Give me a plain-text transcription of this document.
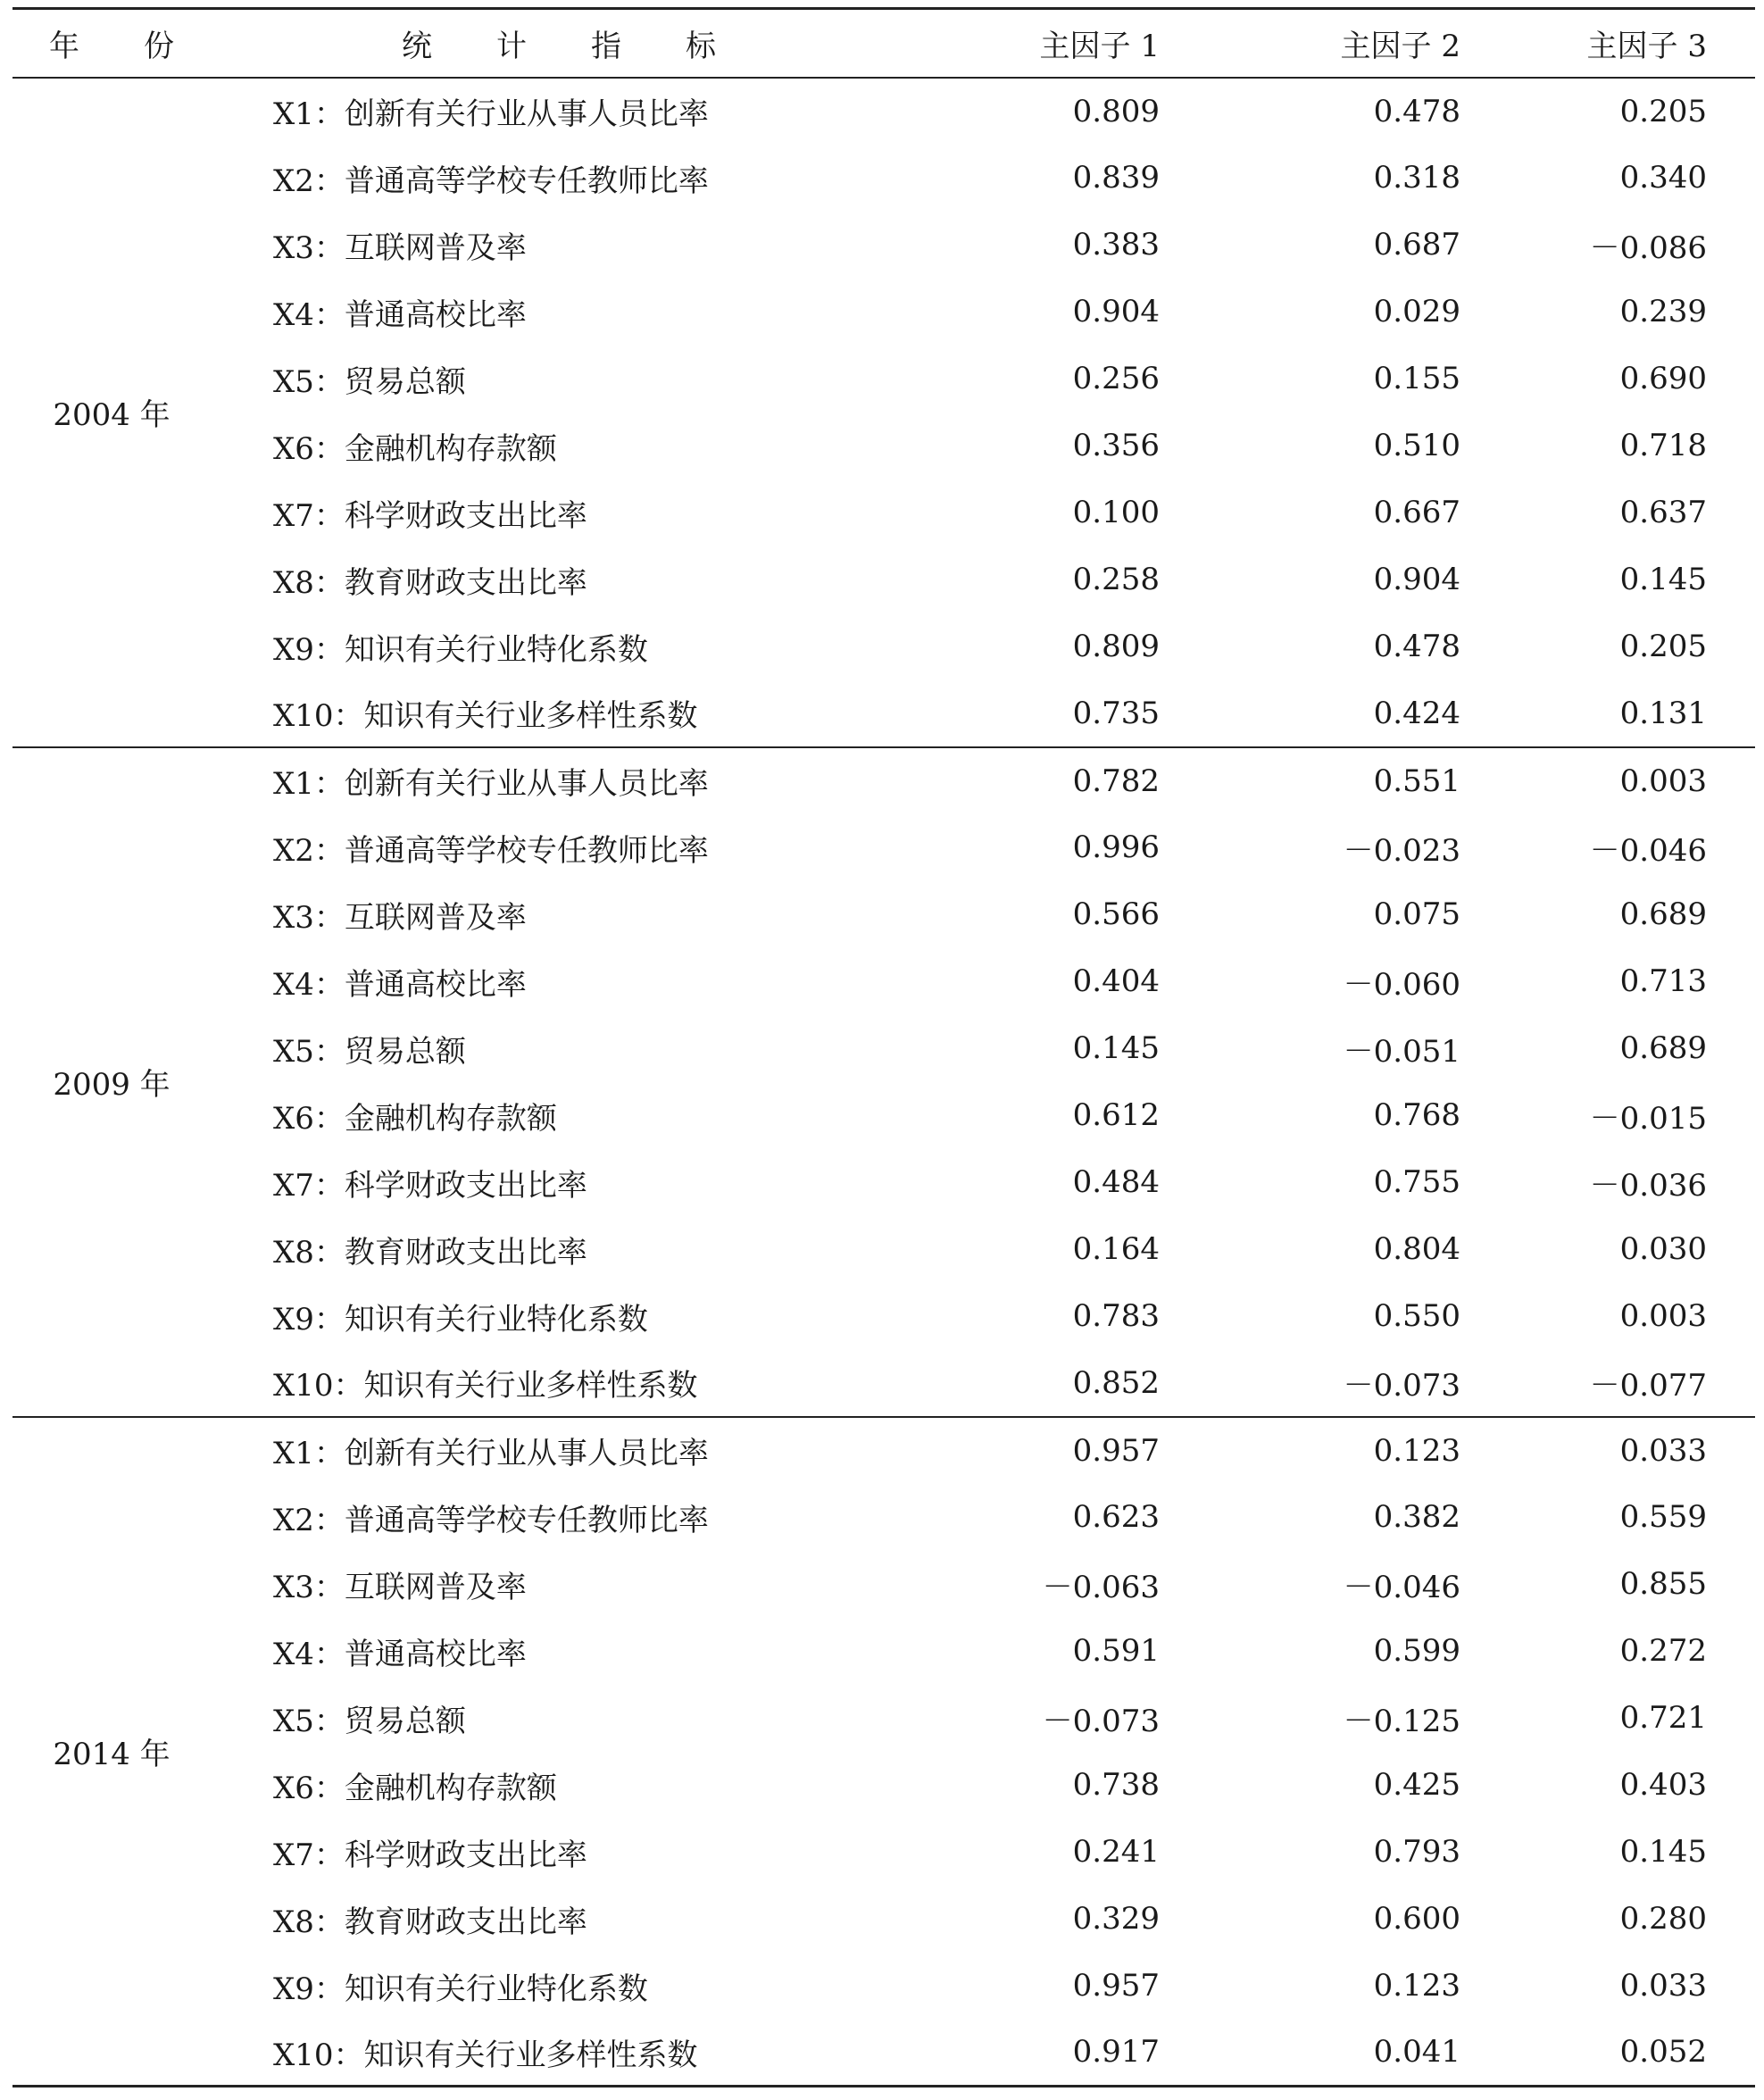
年 份	统 计 指 标	主因子 1	主因子 2	主因子 3
2004 年	X1：创新有关行业从事人员比率	0.809	0.478	0.205
	X2：普通高等学校专任教师比率	0.839	0.318	0.340
	X3：互联网普及率	0.383	0.687	－0.086
	X4：普通高校比率	0.904	0.029	0.239
	X5：贸易总额	0.256	0.155	0.690
	X6：金融机构存款额	0.356	0.510	0.718
	X7：科学财政支出比率	0.100	0.667	0.637
	X8：教育财政支出比率	0.258	0.904	0.145
	X9：知识有关行业特化系数	0.809	0.478	0.205
	X10：知识有关行业多样性系数	0.735	0.424	0.131
2009 年	X1：创新有关行业从事人员比率	0.782	0.551	0.003
	X2：普通高等学校专任教师比率	0.996	－0.023	－0.046
	X3：互联网普及率	0.566	0.075	0.689
	X4：普通高校比率	0.404	－0.060	0.713
	X5：贸易总额	0.145	－0.051	0.689
	X6：金融机构存款额	0.612	0.768	－0.015
	X7：科学财政支出比率	0.484	0.755	－0.036
	X8：教育财政支出比率	0.164	0.804	0.030
	X9：知识有关行业特化系数	0.783	0.550	0.003
	X10：知识有关行业多样性系数	0.852	－0.073	－0.077
2014 年	X1：创新有关行业从事人员比率	0.957	0.123	0.033
	X2：普通高等学校专任教师比率	0.623	0.382	0.559
	X3：互联网普及率	－0.063	－0.046	0.855
	X4：普通高校比率	0.591	0.599	0.272
	X5：贸易总额	－0.073	－0.125	0.721
	X6：金融机构存款额	0.738	0.425	0.403
	X7：科学财政支出比率	0.241	0.793	0.145
	X8：教育财政支出比率	0.329	0.600	0.280
	X9：知识有关行业特化系数	0.957	0.123	0.033
	X10：知识有关行业多样性系数	0.917	0.041	0.052
